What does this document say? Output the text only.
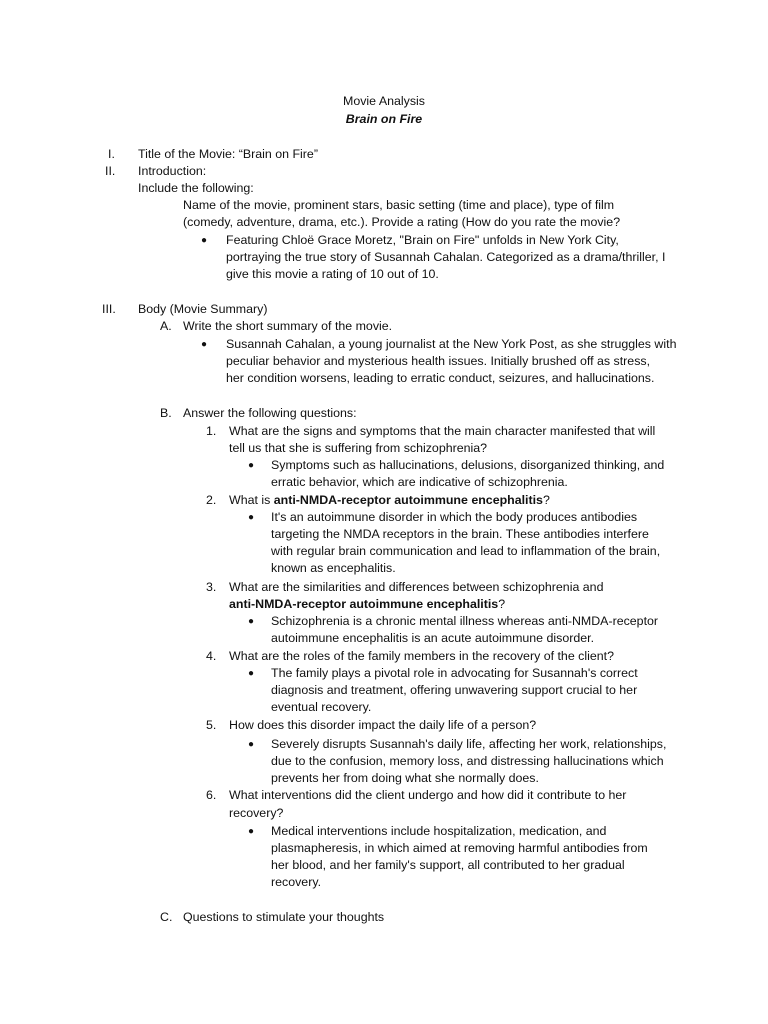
Movie Analysis
Brain on Fire
I. Title of the Movie: “Brain on Fire”
II. Introduction:
Include the following:
Name of the movie, prominent stars, basic setting (time and place), type of film
(comedy, adventure, drama, etc.). Provide a rating (How do you rate the movie?
● Featuring Chloë Grace Moretz, "Brain on Fire" unfolds in New York City,
portraying the true story of Susannah Cahalan. Categorized as a drama/thriller, I
give this movie a rating of 10 out of 10.
III. Body (Movie Summary)
A. Write the short summary of the movie.
● Susannah Cahalan, a young journalist at the New York Post, as she struggles with
peculiar behavior and mysterious health issues. Initially brushed off as stress,
her condition worsens, leading to erratic conduct, seizures, and hallucinations.
B. Answer the following questions:
1. What are the signs and symptoms that the main character manifested that will
tell us that she is suffering from schizophrenia?
● Symptoms such as hallucinations, delusions, disorganized thinking, and
erratic behavior, which are indicative of schizophrenia.
2. What is anti-NMDA-receptor autoimmune encephalitis?
● It's an autoimmune disorder in which the body produces antibodies
targeting the NMDA receptors in the brain. These antibodies interfere
with regular brain communication and lead to inflammation of the brain,
known as encephalitis.
3. What are the similarities and differences between schizophrenia and
anti-NMDA-receptor autoimmune encephalitis?
● Schizophrenia is a chronic mental illness whereas anti-NMDA-receptor
autoimmune encephalitis is an acute autoimmune disorder.
4. What are the roles of the family members in the recovery of the client?
● The family plays a pivotal role in advocating for Susannah's correct
diagnosis and treatment, offering unwavering support crucial to her
eventual recovery.
5. How does this disorder impact the daily life of a person?
● Severely disrupts Susannah's daily life, affecting her work, relationships,
due to the confusion, memory loss, and distressing hallucinations which
prevents her from doing what she normally does.
6. What interventions did the client undergo and how did it contribute to her
recovery?
● Medical interventions include hospitalization, medication, and
plasmapheresis, in which aimed at removing harmful antibodies from
her blood, and her family's support, all contributed to her gradual
recovery.
C. Questions to stimulate your thoughts
